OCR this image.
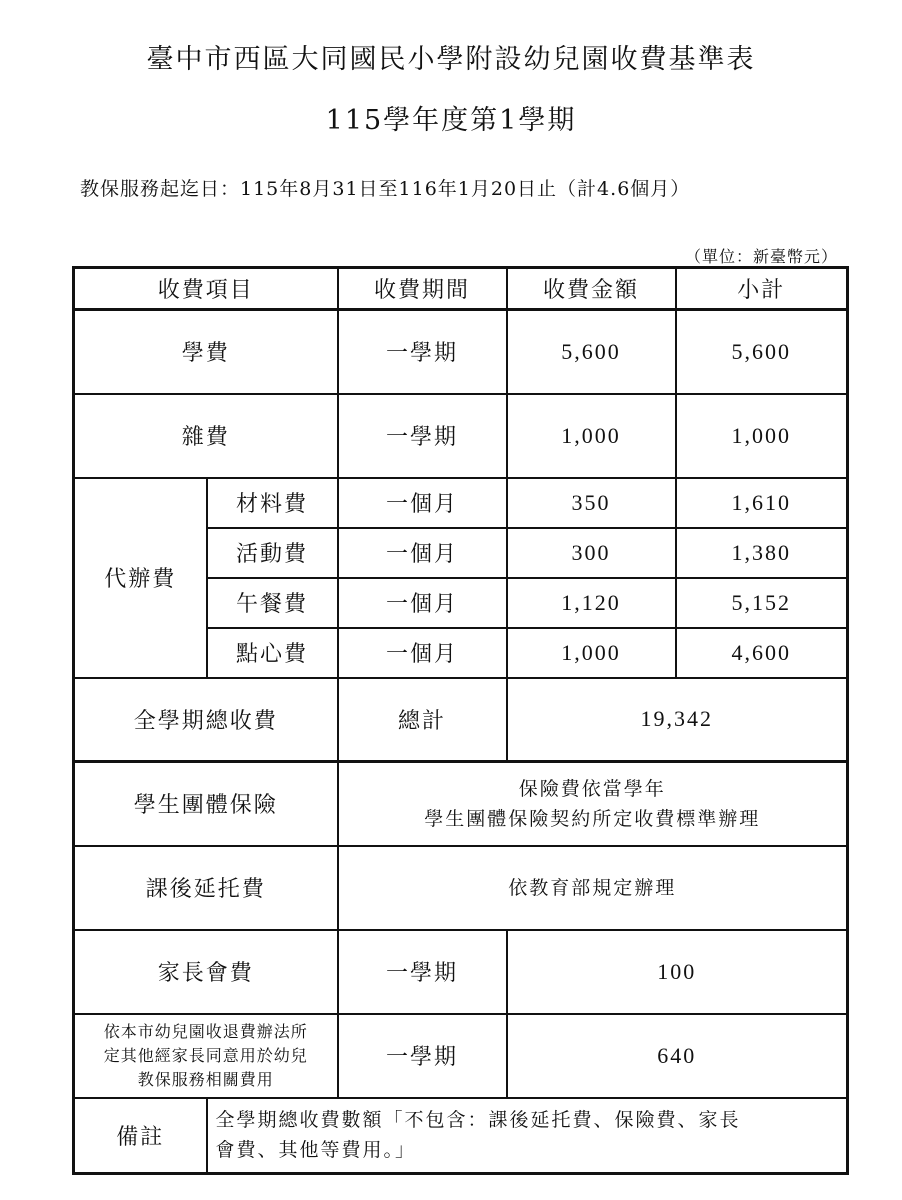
臺中市西區大同國民小學附設幼兒園收費基準表
115學年度第1學期
教保服務起迄日：115年8月31日至116年1月20日止（計4.6個月）
（單位：新臺幣元）
收費項目		收費期間	收費金額	小計
學費		一學期	5,600	5,600
雜費		一學期	1,000	1,000
代辦費	材料費	一個月	350	1,610
	活動費	一個月	300	1,380
	午餐費	一個月	1,120	5,152
	點心費	一個月	1,000	4,600
全學期總收費		總計	19,342	
學生團體保險		保險費依當學年
學生團體保險契約所定收費標準辦理		

課後延托費		依教育部規定辦理		
家長會費		一學期	100	

依本市幼兒園收退費辦法所
定其他經家長同意用於幼兒
教保服務相關費用		一學期	640	
備註	全學期總收費數額「不包含：課後延托費、保險費、家長
會費、其他等費用。」			
